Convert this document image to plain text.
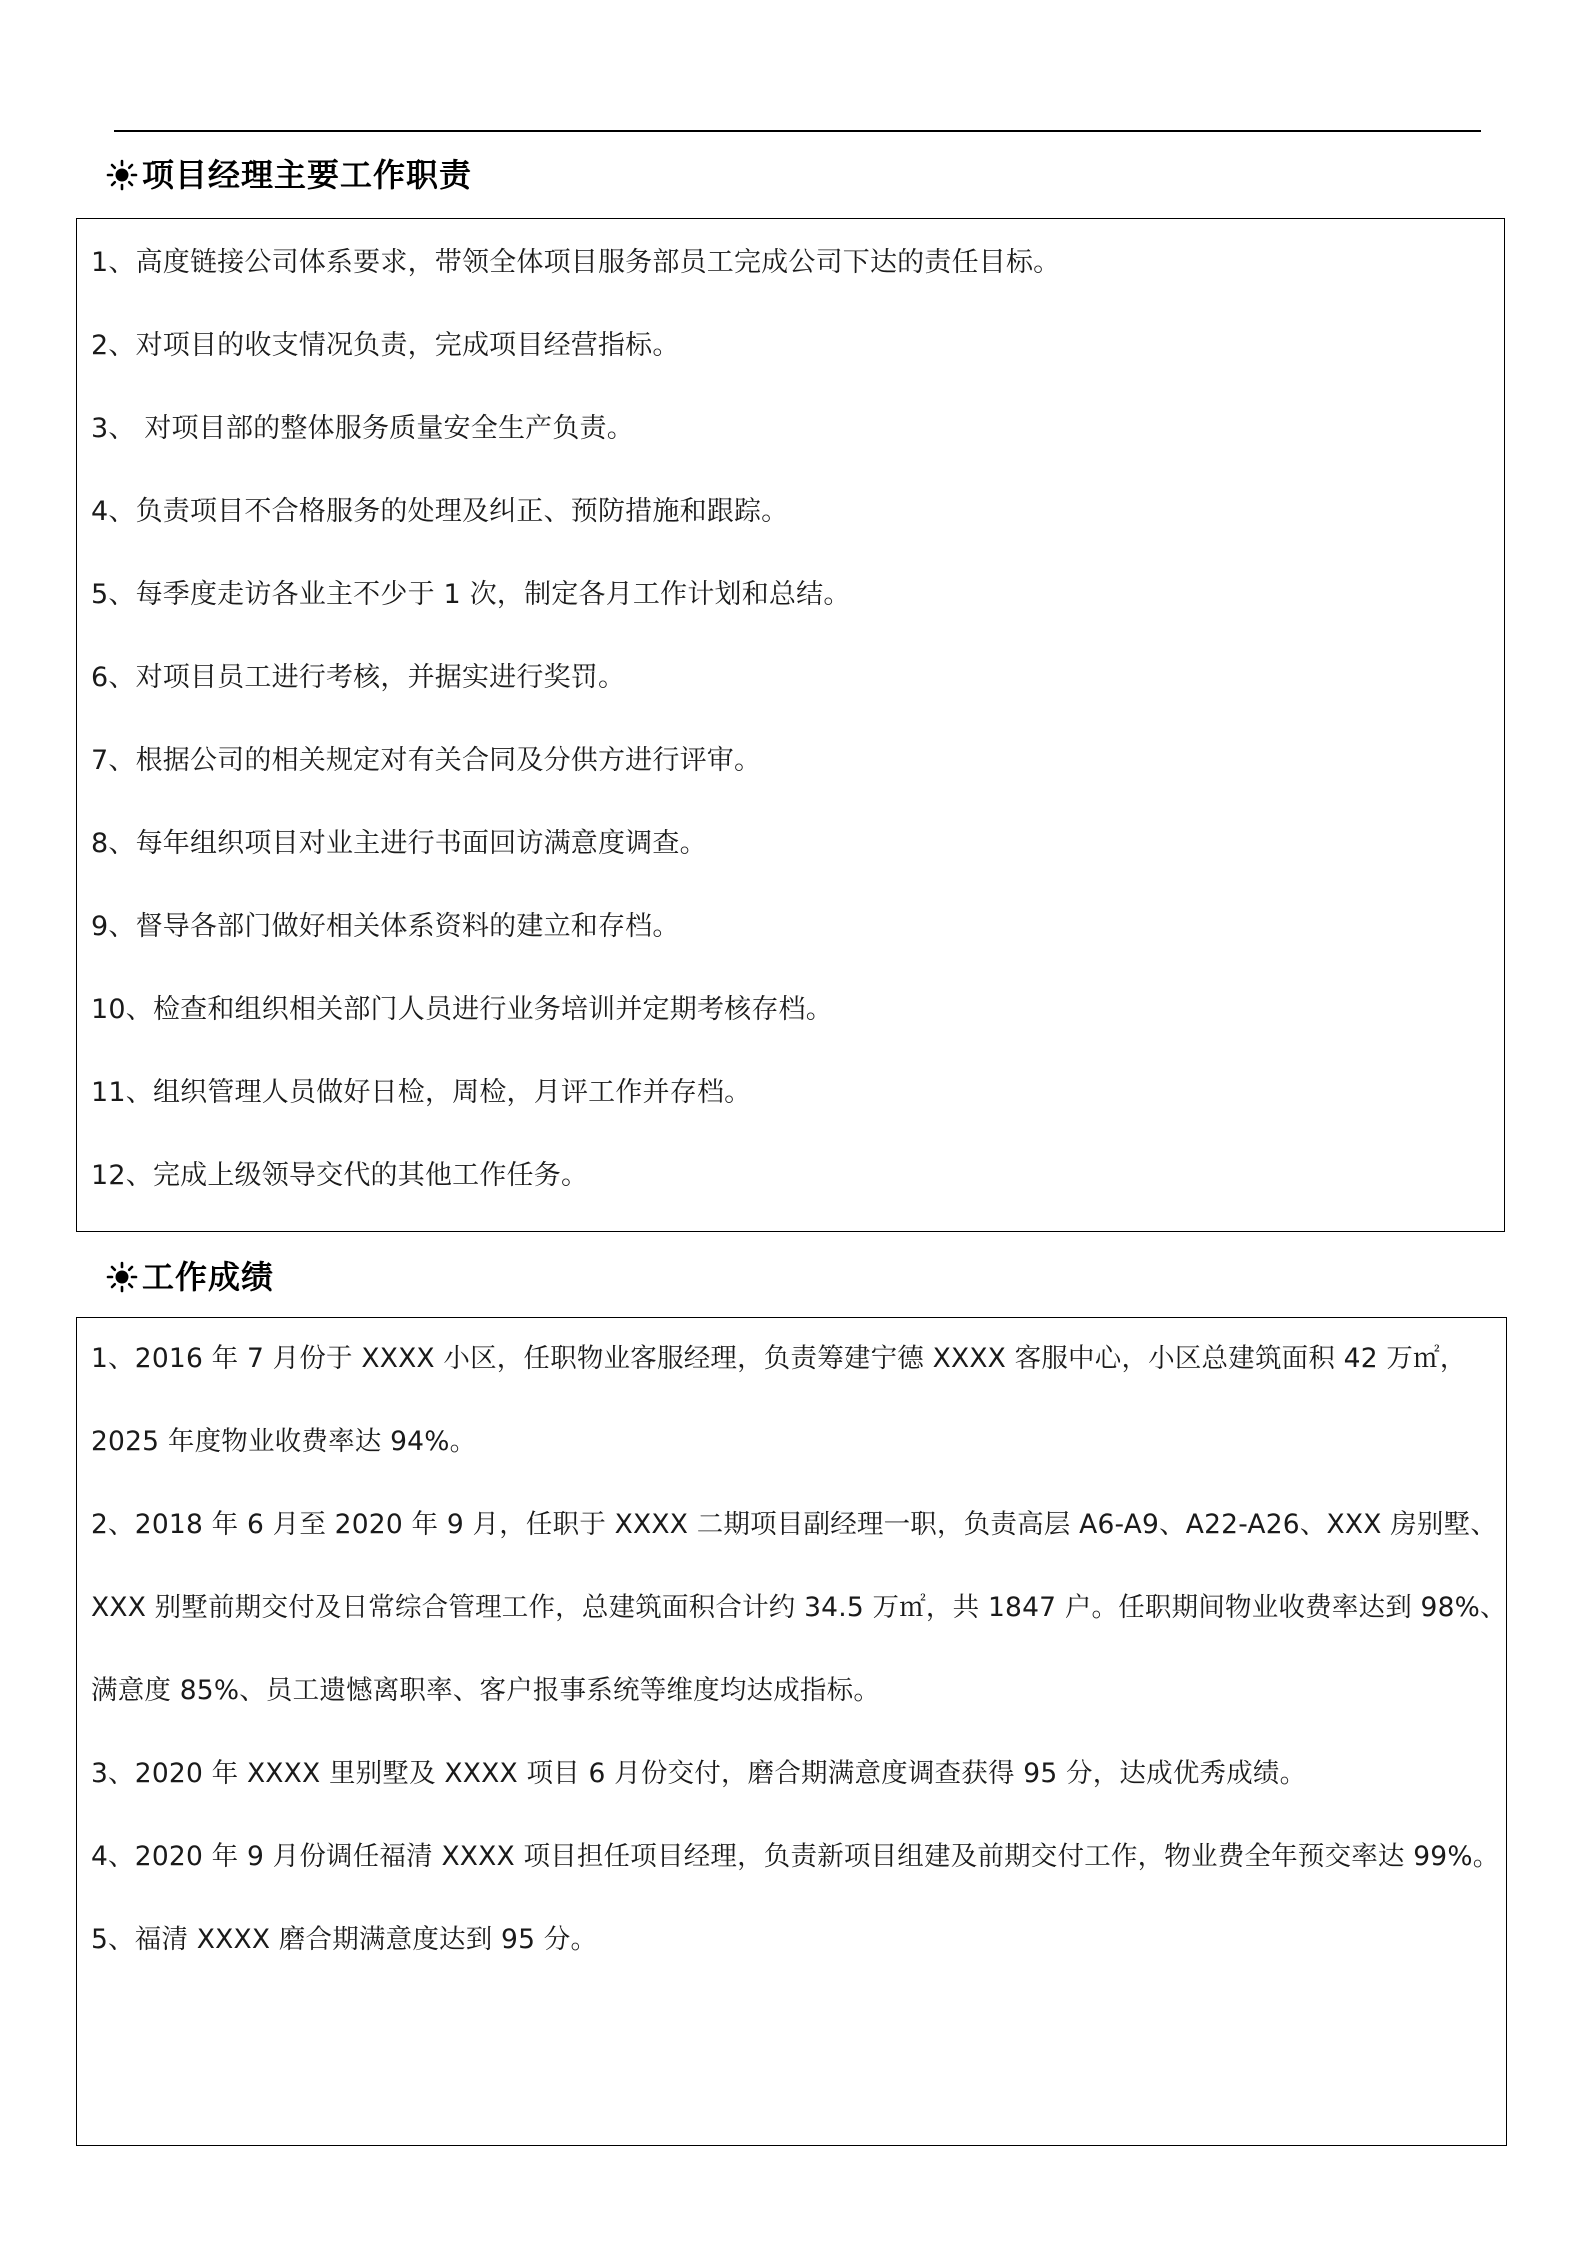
项目经理主要工作职责
1、高度链接公司体系要求，带领全体项目服务部员工完成公司下达的责任目标。
2、对项目的收支情况负责，完成项目经营指标。
3、 对项目部的整体服务质量安全生产负责。
4、负责项目不合格服务的处理及纠正、预防措施和跟踪。
5、每季度走访各业主不少于 1 次，制定各月工作计划和总结。
6、对项目员工进行考核，并据实进行奖罚。
7、根据公司的相关规定对有关合同及分供方进行评审。
8、每年组织项目对业主进行书面回访满意度调查。
9、督导各部门做好相关体系资料的建立和存档。
10、检查和组织相关部门人员进行业务培训并定期考核存档。
11、组织管理人员做好日检，周检，月评工作并存档。
12、完成上级领导交代的其他工作任务。
工作成绩
1、2016 年 7 月份于 XXXX 小区，任职物业客服经理，负责筹建宁德 XXXX 客服中心，小区总建筑面积 42 万㎡，
2025 年度物业收费率达 94%。
2、2018 年 6 月至 2020 年 9 月，任职于 XXXX 二期项目副经理一职，负责高层 A6-A9、A22-A26、XXX 房别墅、
XXX 别墅前期交付及日常综合管理工作，总建筑面积合计约 34.5 万㎡，共 1847 户。任职期间物业收费率达到 98%、
满意度 85%、员工遗憾离职率、客户报事系统等维度均达成指标。
3、2020 年 XXXX 里别墅及 XXXX 项目 6 月份交付，磨合期满意度调查获得 95 分，达成优秀成绩。
4、2020 年 9 月份调任福清 XXXX 项目担任项目经理，负责新项目组建及前期交付工作，物业费全年预交率达 99%。
5、福清 XXXX 磨合期满意度达到 95 分。
